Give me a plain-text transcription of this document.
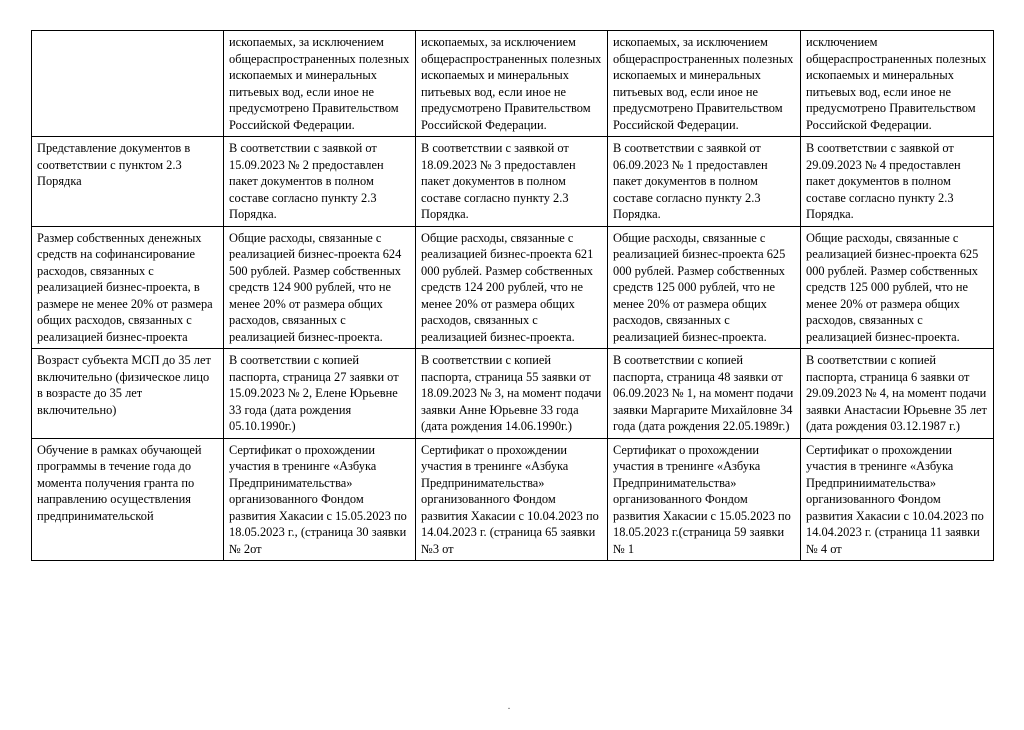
	ископаемых, за исключением общераспространенных полезных ископаемых и минеральных питьевых вод, если иное не предусмотрено Правительством Российской Федерации.	ископаемых, за исключением общераспространенных полезных ископаемых и минеральных питьевых вод, если иное не предусмотрено Правительством Российской Федерации.	ископаемых, за исключением общераспространенных полезных ископаемых и минеральных питьевых вод, если иное не предусмотрено Правительством Российской Федерации.	исключением общераспространенных полезных ископаемых и минеральных питьевых вод, если иное не предусмотрено Правительством Российской Федерации.

Представление документов в соответствии с пунктом 2.3 Порядка	В соответствии с заявкой от 15.09.2023 № 2 предоставлен пакет документов в полном составе согласно пункту 2.3 Порядка.	В соответствии с заявкой от 18.09.2023 № 3 предоставлен пакет документов в полном составе согласно пункту 2.3 Порядка.	В соответствии с заявкой от 06.09.2023 № 1 предоставлен пакет документов в полном составе согласно пункту 2.3 Порядка.	В соответствии с заявкой от 29.09.2023 № 4 предоставлен пакет документов в полном составе согласно пункту 2.3 Порядка.

Размер собственных денежных средств на софинансирование расходов, связанных с реализацией бизнес-проекта, в размере не менее 20% от размера общих расходов, связанных с реализацией бизнес-проекта	Общие расходы, связанные с реализацией бизнес-проекта 624 500 рублей. Размер собственных средств 124 900 рублей, что не менее 20% от размера общих расходов, связанных с реализацией бизнес-проекта.	Общие расходы, связанные с реализацией бизнес-проекта 621 000 рублей. Размер собственных средств 124 200 рублей, что не менее 20% от размера общих расходов, связанных с реализацией бизнес-проекта.	Общие расходы, связанные с реализацией бизнес-проекта 625 000 рублей. Размер собственных средств 125 000 рублей, что не менее 20% от размера общих расходов, связанных с реализацией бизнес-проекта.	Общие расходы, связанные с реализацией бизнес-проекта 625 000 рублей. Размер собственных средств 125 000 рублей, что не менее 20% от размера общих расходов, связанных с реализацией бизнес-проекта.

Возраст субъекта МСП до 35 лет включительно (физическое лицо в возрасте до 35 лет включительно)	В соответствии с копией паспорта, страница 27 заявки от 15.09.2023 № 2, Елене Юрьевне 33 года (дата рождения 05.10.1990г.)	В соответствии с копией паспорта, страница 55 заявки от 18.09.2023 № 3, на момент подачи заявки Анне Юрьевне 33 года (дата рождения 14.06.1990г.)	В соответствии с копией паспорта, страница 48 заявки от 06.09.2023 № 1, на момент подачи заявки Маргарите Михайловне 34 года (дата рождения 22.05.1989г.)	В соответствии с копией паспорта, страница 6 заявки от 29.09.2023 № 4, на момент подачи заявки Анастасии Юрьевне 35 лет (дата рождения 03.12.1987 г.)

Обучение в рамках обучающей программы в течение года до момента получения гранта по направлению осуществления предпринимательской	Сертификат о прохождении участия в тренинге «Азбука Предпринимательства» организованного Фондом развития Хакасии с 15.05.2023 по 18.05.2023 г., (страница 30 заявки № 2от	Сертификат о прохождении участия в тренинге «Азбука Предпринимательства» организованного Фондом развития Хакасии с 10.04.2023 по 14.04.2023 г. (страница 65 заявки №3 от	Сертификат о прохождении участия в тренинге «Азбука Предпринимательства» организованного Фондом развития Хакасии с 15.05.2023 по 18.05.2023 г.(страница 59 заявки № 1	Сертификат о прохождении участия в тренинге «Азбука Предприниимательства» организованного Фондом развития Хакасии с 10.04.2023 по 14.04.2023 г. (страница 11 заявки № 4 от
.
